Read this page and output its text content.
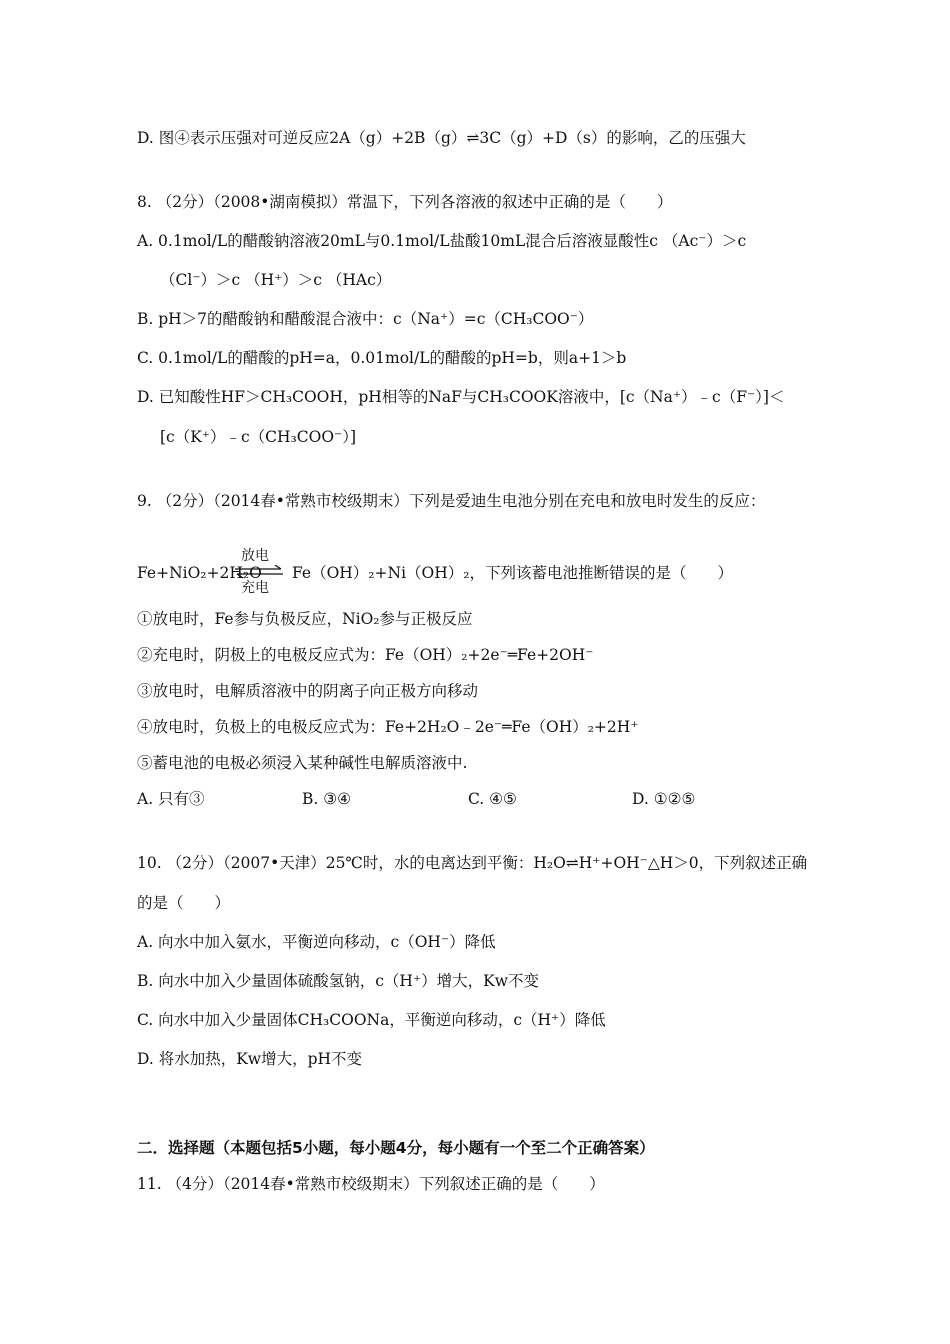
D. 图④表示压强对可逆反应2A（g）+2B（g）⇌3C（g）+D（s）的影响，乙的压强大
8. （2分）（2008•湖南模拟）常温下，下列各溶液的叙述中正确的是（　　）
A. 0.1mol/L的醋酸钠溶液20mL与0.1mol/L盐酸10mL混合后溶液显酸性c （Ac⁻）＞c
（Cl⁻）＞c （H⁺）＞c （HAc）
B. pH＞7的醋酸钠和醋酸混合液中：c（Na⁺）=c（CH₃COO⁻）
C. 0.1mol/L的醋酸的pH=a，0.01mol/L的醋酸的pH=b，则a+1＞b
D. 已知酸性HF＞CH₃COOH，pH相等的NaF与CH₃COOK溶液中，[c（Na⁺）﹣c（F⁻）]＜
[c（K⁺）﹣c（CH₃COO⁻）]
9. （2分）（2014春•常熟市校级期末）下列是爱迪生电池分别在充电和放电时发生的反应：
Fe+NiO₂+2H₂O
放电
充电
Fe（OH）₂+Ni（OH）₂，下列该蓄电池推断错误的是（　　）
①放电时，Fe参与负极反应，NiO₂参与正极反应
②充电时，阴极上的电极反应式为：Fe（OH）₂+2e⁻═Fe+2OH⁻
③放电时，电解质溶液中的阴离子向正极方向移动
④放电时，负极上的电极反应式为：Fe+2H₂O﹣2e⁻═Fe（OH）₂+2H⁺
⑤蓄电池的电极必须浸入某种碱性电解质溶液中.
A. 只有③	B. ③④	C. ④⑤	D. ①②⑤
10. （2分）（2007•天津）25℃时，水的电离达到平衡：H₂O⇌H⁺+OH⁻△H＞0，下列叙述正确
的是（　　）
A. 向水中加入氨水，平衡逆向移动，c（OH⁻）降低
B. 向水中加入少量固体硫酸氢钠，c（H⁺）增大，Kw不变
C. 向水中加入少量固体CH₃COONa，平衡逆向移动，c（H⁺）降低
D. 将水加热，Kw增大，pH不变
二．选择题（本题包括5小题，每小题4分，每小题有一个至二个正确答案）
11. （4分）（2014春•常熟市校级期末）下列叙述正确的是（　　）
